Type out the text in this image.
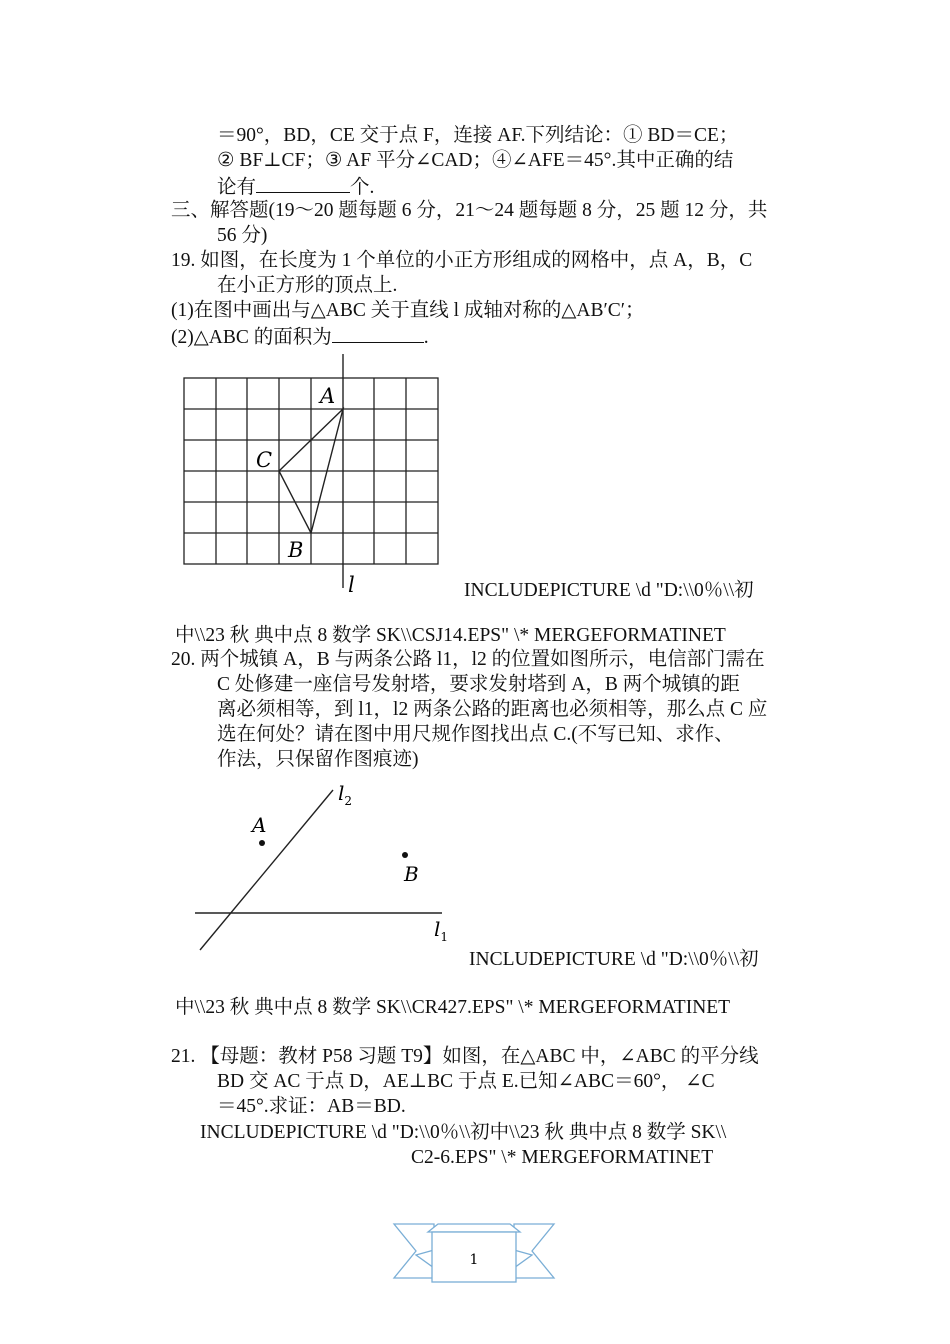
＝90°，BD，CE 交于点 F，连接 AF.下列结论：① BD＝CE；
② BF⊥CF；③ AF 平分∠CAD；④∠AFE＝45°.其中正确的结
论有	个.
三、解答题(19～20 题每题 6 分，21～24 题每题 8 分，25 题 12 分，共
56 分)
19. 如图，在长度为 1 个单位的小正方形组成的网格中，点 A，B，C
在小正方形的顶点上.
(1)在图中画出与△ABC 关于直线 l 成轴对称的△AB′C′；
(2)△ABC 的面积为	.
A
C
B
l	INCLUDEPICTURE \d "D:\\0％\\初
中\\23 秋 典中点 8 数学 SK\\CSJ14.EPS" \* MERGEFORMATINET
20. 两个城镇 A，B 与两条公路 l1，l2 的位置如图所示，电信部门需在
C 处修建一座信号发射塔，要求发射塔到 A，B 两个城镇的距
离必须相等，到 l1，l2 两条公路的距离也必须相等，那么点 C 应
选在何处？请在图中用尺规作图找出点 C.(不写已知、求作、
作法，只保留作图痕迹)
A
B
$l_2$
$l_1$
INCLUDEPICTURE \d "D:\\0％\\初
中\\23 秋 典中点 8 数学 SK\\CR427.EPS" \* MERGEFORMATINET
21. 【母题：教材 P58 习题 T9】如图，在△ABC 中，∠ABC 的平分线
BD 交 AC 于点 D，AE⊥BC 于点 E.已知∠ABC＝60°， ∠C
＝45°.求证：AB＝BD.
INCLUDEPICTURE \d "D:\\0％\\初中\\23 秋 典中点 8 数学 SK\\
C2-6.EPS" \* MERGEFORMATINET
1
